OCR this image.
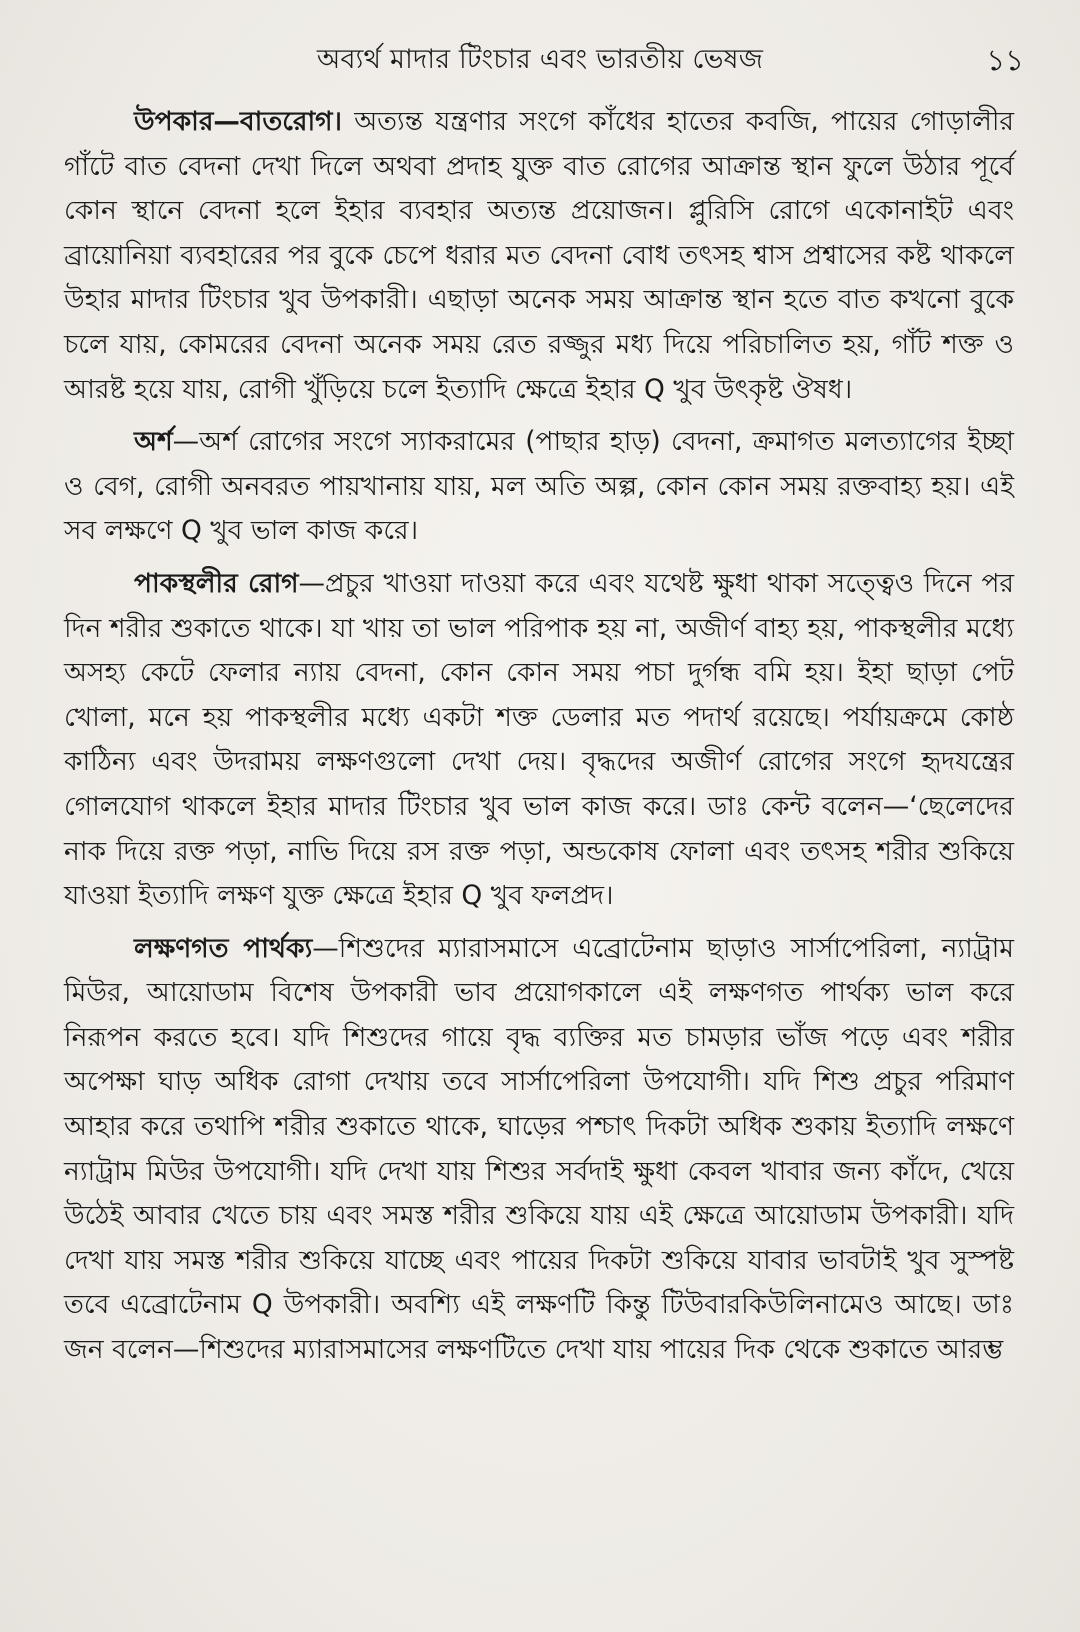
অব্যর্থ মাদার টিংচার এবং ভারতীয় ভেষজ	১১

উপকার—বাতরোগ। অত্যন্ত যন্ত্রণার সংগে কাঁধের হাতের কবজি, পায়ের গোড়ালীর গাঁটে বাত বেদনা দেখা দিলে অথবা প্রদাহ যুক্ত বাত রোগের আক্রান্ত স্থান ফুলে উঠার পূর্বে কোন স্থানে বেদনা হলে ইহার ব্যবহার অত্যন্ত প্রয়োজন। প্লুরিসি রোগে একোনাইট এবং ব্রায়োনিয়া ব্যবহারের পর বুকে চেপে ধরার মত বেদনা বোধ তৎসহ শ্বাস প্রশ্বাসের কষ্ট থাকলে উহার মাদার টিংচার খুব উপকারী। এছাড়া অনেক সময় আক্রান্ত স্থান হতে বাত কখনো বুকে চলে যায়, কোমরের বেদনা অনেক সময় রেত রজ্জুর মধ্য দিয়ে পরিচালিত হয়, গাঁট শক্ত ও আরষ্ট হয়ে যায়, রোগী খুঁড়িয়ে চলে ইত্যাদি ক্ষেত্রে ইহার Q খুব উৎকৃষ্ট ঔষধ।

অর্শ—অর্শ রোগের সংগে স্যাকরামের (পাছার হাড়) বেদনা, ক্রমাগত মলত্যাগের ইচ্ছা ও বেগ, রোগী অনবরত পায়খানায় যায়, মল অতি অল্প, কোন কোন সময় রক্তবাহ্য হয়। এই সব লক্ষণে Q খুব ভাল কাজ করে।

পাকস্থলীর রোগ—প্রচুর খাওয়া দাওয়া করে এবং যথেষ্ট ক্ষুধা থাকা সত্ত্বেও দিনে পর দিন শরীর শুকাতে থাকে। যা খায় তা ভাল পরিপাক হয় না, অজীর্ণ বাহ্য হয়, পাকস্থলীর মধ্যে অসহ্য কেটে ফেলার ন্যায় বেদনা, কোন কোন সময় পচা দুর্গন্ধ বমি হয়। ইহা ছাড়া পেট খোলা, মনে হয় পাকস্থলীর মধ্যে একটা শক্ত ডেলার মত পদার্থ রয়েছে। পর্যায়ক্রমে কোষ্ঠ কাঠিন্য এবং উদরাময় লক্ষণগুলো দেখা দেয়। বৃদ্ধদের অজীর্ণ রোগের সংগে হৃদযন্ত্রের গোলযোগ থাকলে ইহার মাদার টিংচার খুব ভাল কাজ করে। ডাঃ কেন্ট বলেন—‘ছেলেদের নাক দিয়ে রক্ত পড়া, নাভি দিয়ে রস রক্ত পড়া, অন্ডকোষ ফোলা এবং তৎসহ শরীর শুকিয়ে যাওয়া ইত্যাদি লক্ষণ যুক্ত ক্ষেত্রে ইহার Q খুব ফলপ্রদ।

লক্ষণগত পার্থক্য—শিশুদের ম্যারাসমাসে এব্রোটেনাম ছাড়াও সার্সাপেরিলা, ন্যাট্রাম মিউর, আয়োডাম বিশেষ উপকারী ভাব প্রয়োগকালে এই লক্ষণগত পার্থক্য ভাল করে নিরূপন করতে হবে। যদি শিশুদের গায়ে বৃদ্ধ ব্যক্তির মত চামড়ার ভাঁজ পড়ে এবং শরীর অপেক্ষা ঘাড় অধিক রোগা দেখায় তবে সার্সাপেরিলা উপযোগী। যদি শিশু প্রচুর পরিমাণ আহার করে তথাপি শরীর শুকাতে থাকে, ঘাড়ের পশ্চাৎ দিকটা অধিক শুকায় ইত্যাদি লক্ষণে ন্যাট্রাম মিউর উপযোগী। যদি দেখা যায় শিশুর সর্বদাই ক্ষুধা কেবল খাবার জন্য কাঁদে, খেয়ে উঠেই আবার খেতে চায় এবং সমস্ত শরীর শুকিয়ে যায় এই ক্ষেত্রে আয়োডাম উপকারী। যদি দেখা যায় সমস্ত শরীর শুকিয়ে যাচ্ছে এবং পায়ের দিকটা শুকিয়ে যাবার ভাবটাই খুব সুস্পষ্ট তবে এব্রোটেনাম Q উপকারী। অবশ্যি এই লক্ষণটি কিন্তু টিউবারকিউলিনামেও আছে। ডাঃ জন বলেন—শিশুদের ম্যারাসমাসের লক্ষণটিতে দেখা যায় পায়ের দিক থেকে শুকাতে আরম্ভ
